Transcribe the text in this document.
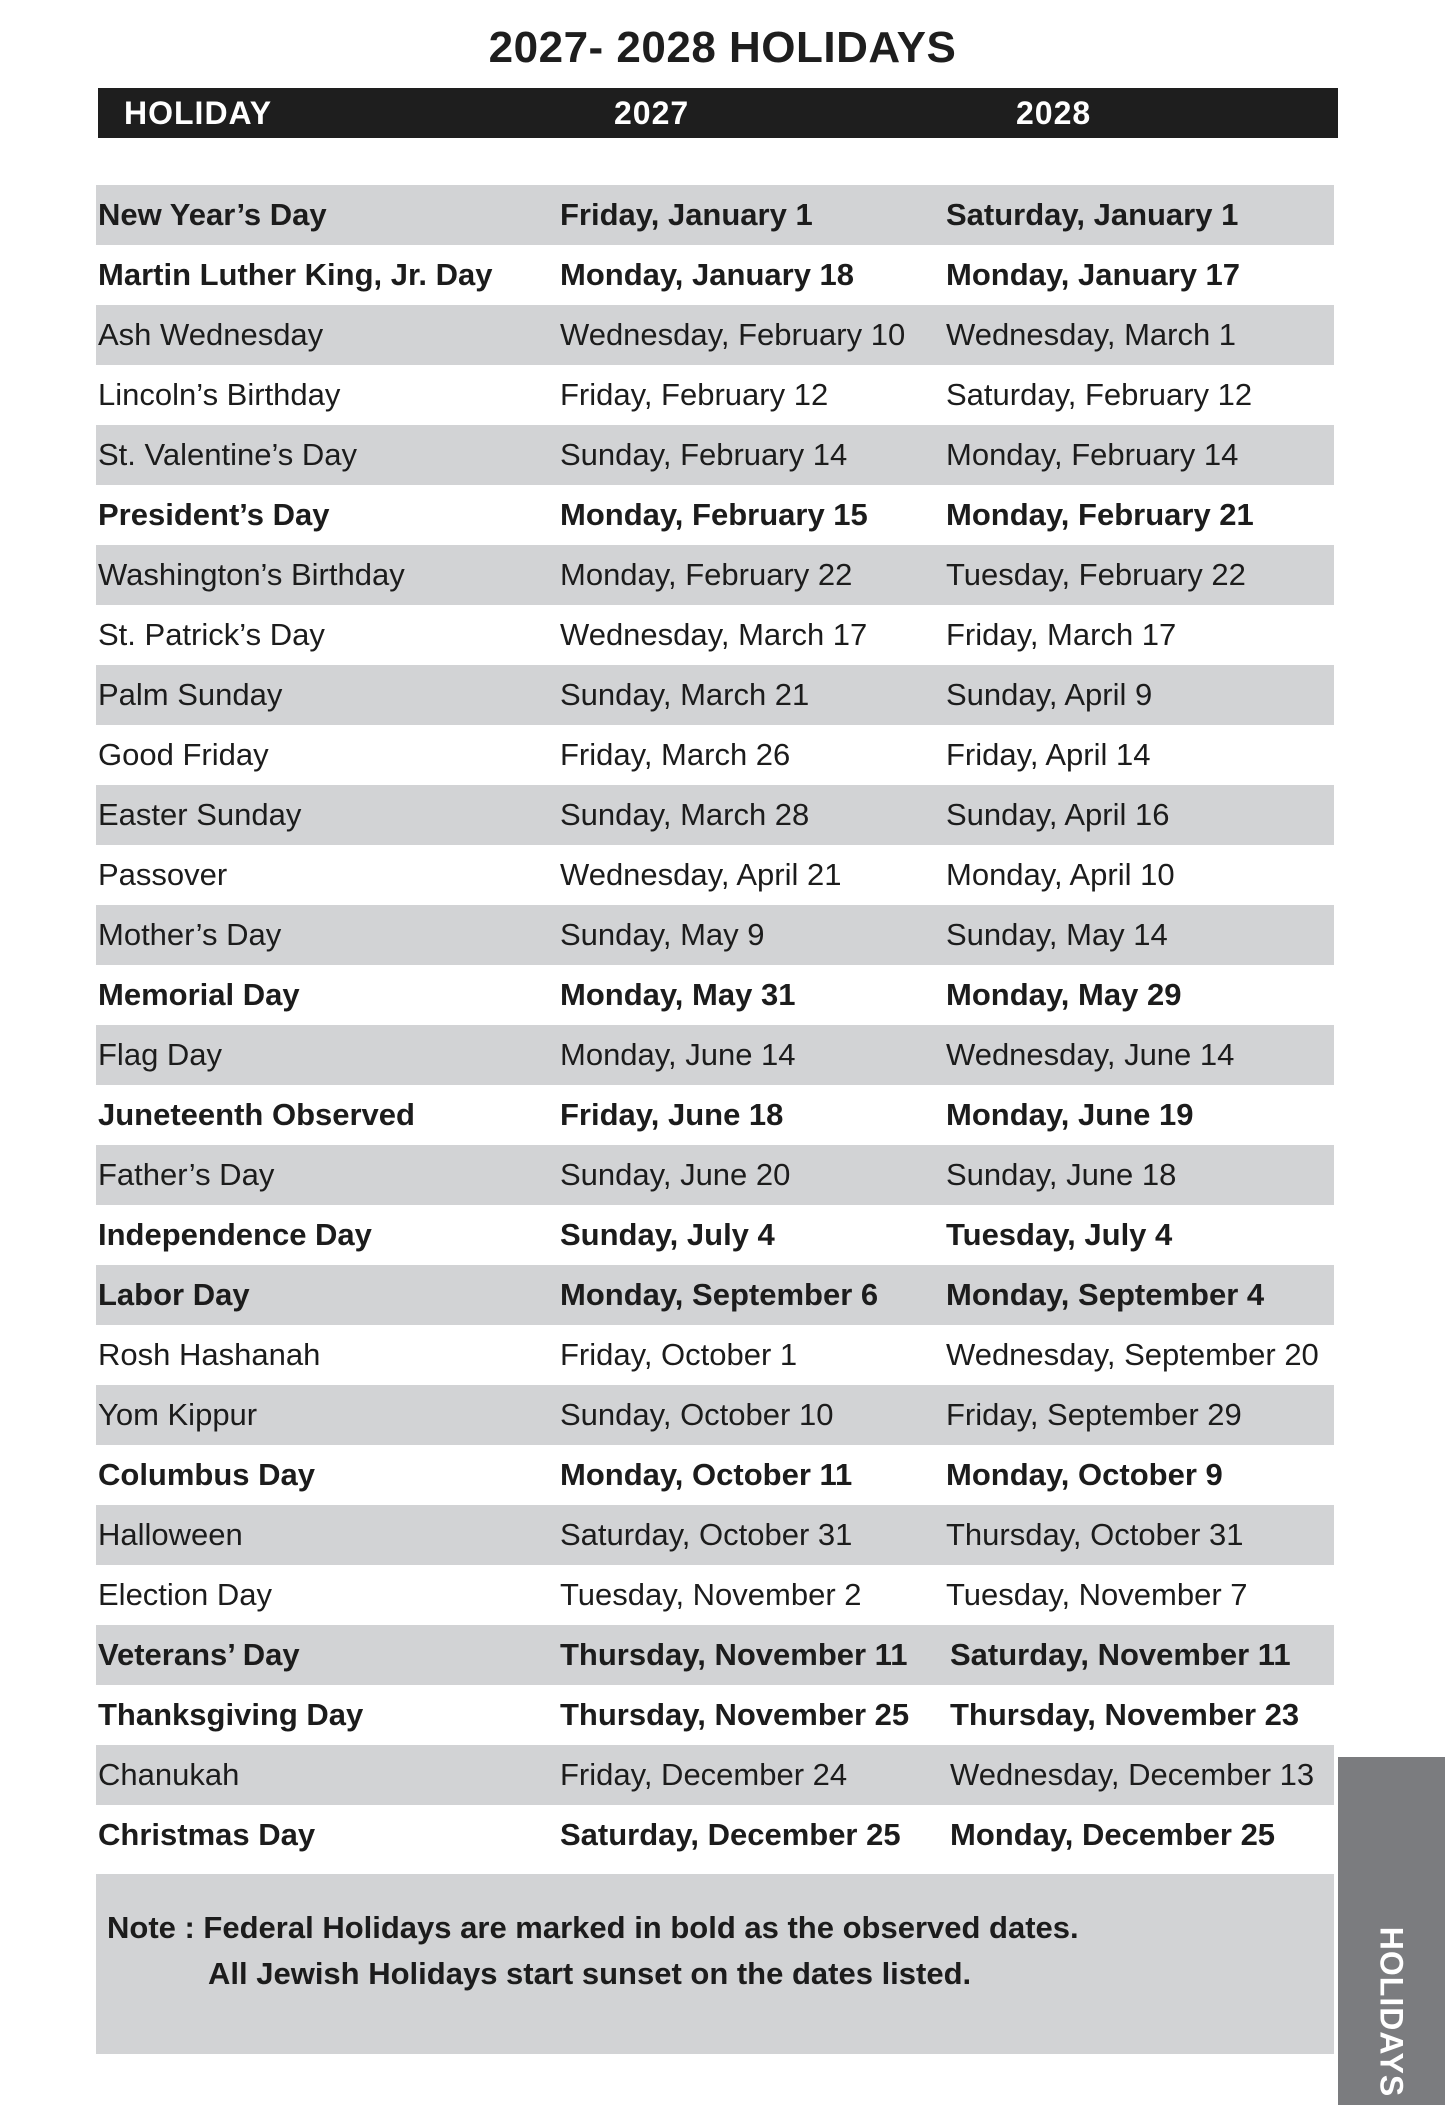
2027- 2028 HOLIDAYS
HOLIDAY	2027	2028
New Year’s Day	Friday, January 1	Saturday, January 1
Martin Luther King, Jr. Day Monday, January 18	Monday, January 17
Ash Wednesday	Wednesday, February 10 Wednesday, March 1
Lincoln’s Birthday	Friday, February 12	Saturday, February 12
St. Valentine’s Day	Sunday, February 14	Monday, February 14
President’s Day	Monday, February 15	Monday, February 21
Washington’s Birthday	Monday, February 22	Tuesday, February 22
St. Patrick’s Day	Wednesday, March 17	Friday, March 17
Palm Sunday	Sunday, March 21	Sunday, April 9
Good Friday	Friday, March 26	Friday, April 14
Easter Sunday	Sunday, March 28	Sunday, April 16
Passover	Wednesday, April 21	Monday, April 10
Mother’s Day	Sunday, May 9	Sunday, May 14
Memorial Day	Monday, May 31	Monday, May 29
Flag Day	Monday, June 14	Wednesday, June 14
Juneteenth Observed	Friday, June 18	Monday, June 19
Father’s Day	Sunday, June 20	Sunday, June 18
Independence Day	Sunday, July 4	Tuesday, July 4
Labor Day	Monday, September 6 Monday, September 4
Rosh Hashanah	Friday, October 1	Wednesday, September 20
Yom Kippur	Sunday, October 10	Friday, September 29
Columbus Day	Monday, October 11	Monday, October 9
Halloween	Saturday, October 31	Thursday, October 31
Election Day	Tuesday, November 2	Tuesday, November 7
Veterans’ Day	Thursday, November 11 Saturday, November 11
Thanksgiving Day	Thursday, November 25 Thursday, November 23
Chanukah	Friday, December 24	Wednesday, December 13
Christmas Day	Saturday, December 25 Monday, December 25
Note : Federal Holidays are marked in bold as the observed dates.
All Jewish Holidays start sunset on the dates listed.	HOLIDAYS
